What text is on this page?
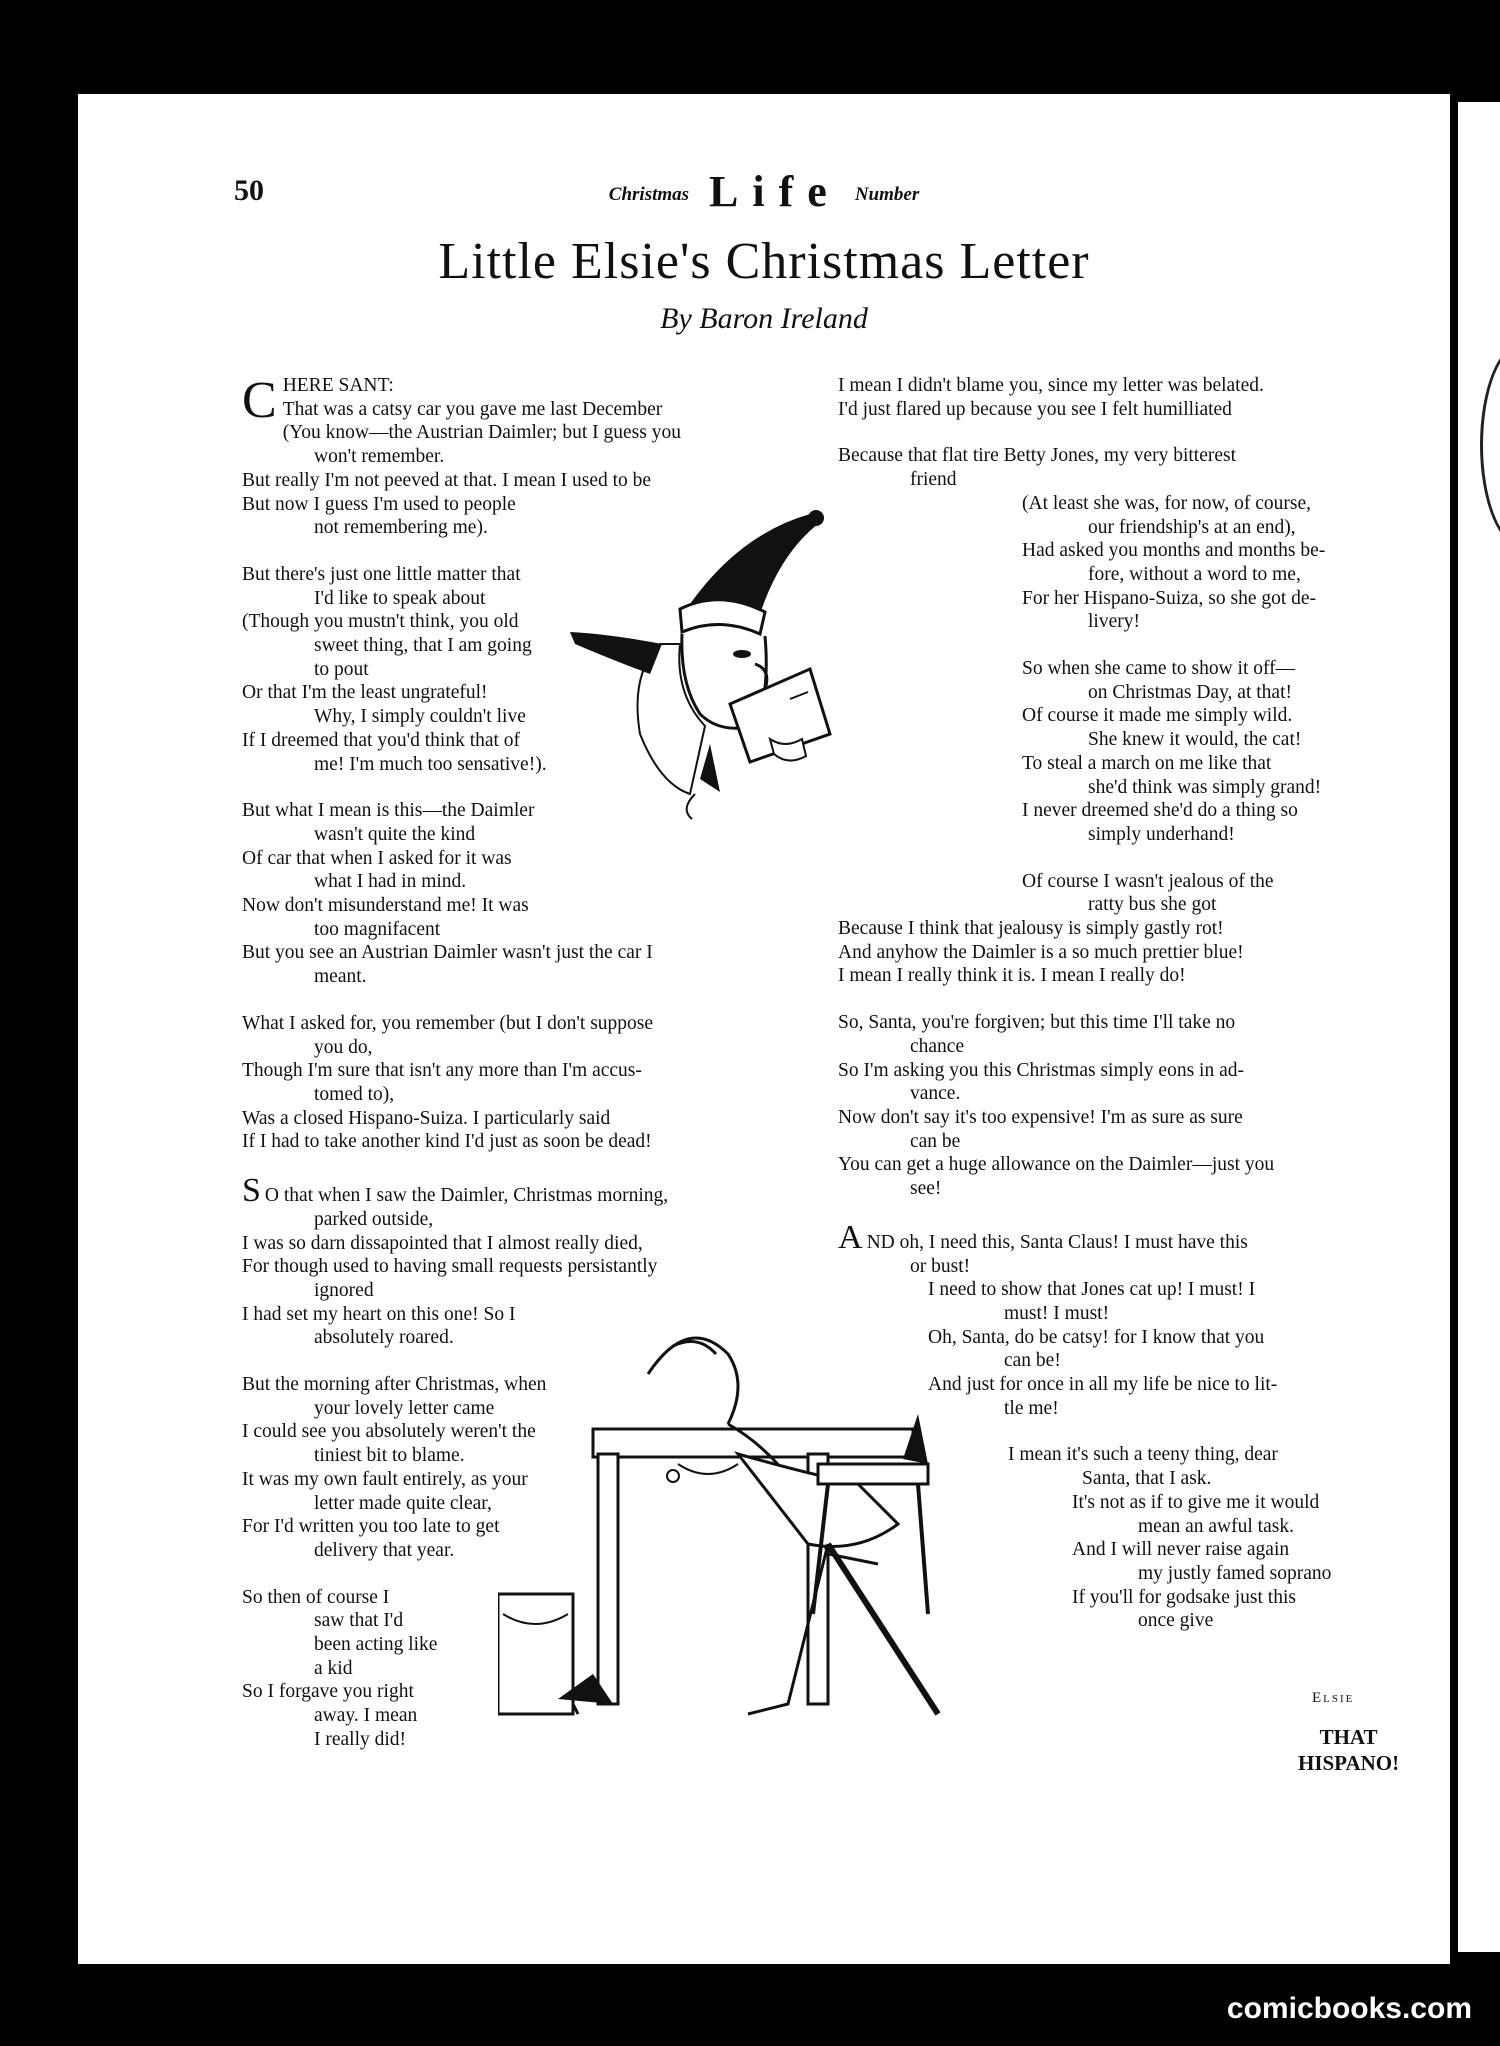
50	Christmas Life Number
Little Elsie's Christmas Letter
By Baron Ireland
CHERE SANT:
That was a catsy car you gave me last December
(You know—the Austrian Daimler; but I guess you
won't remember.
But really I'm not peeved at that. I mean I used to be
But now I guess I'm used to people
not remembering me).
But there's just one little matter that
I'd like to speak about
(Though you mustn't think, you old
sweet thing, that I am going
to pout
Or that I'm the least ungrateful!
Why, I simply couldn't live
If I dreemed that you'd think that of
me! I'm much too sensative!).
But what I mean is this—the Daimler
wasn't quite the kind
Of car that when I asked for it was
what I had in mind.
Now don't misunderstand me! It was
too magnifacent
But you see an Austrian Daimler wasn't just the car I
meant.
What I asked for, you remember (but I don't suppose
you do,
Though I'm sure that isn't any more than I'm accus-
tomed to),
Was a closed Hispano-Suiza. I particularly said
If I had to take another kind I'd just as soon be dead!
S O that when I saw the Daimler, Christmas morning,
parked outside,
I was so darn dissapointed that I almost really died,
For though used to having small requests persistantly
ignored
I had set my heart on this one! So I
absolutely roared.
But the morning after Christmas, when
your lovely letter came
I could see you absolutely weren't the
tiniest bit to blame.
It was my own fault entirely, as your
letter made quite clear,
For I'd written you too late to get
delivery that year.
So then of course I
saw that I'd
been acting like
a kid
So I forgave you right
away. I mean
I really did!
I mean I didn't blame you, since my letter was belated.
I'd just flared up because you see I felt humilliated
Because that flat tire Betty Jones, my very bitterest
friend
(At least she was, for now, of course,
our friendship's at an end),
Had asked you months and months be-
fore, without a word to me,
For her Hispano-Suiza, so she got de-
livery!
So when she came to show it off—
on Christmas Day, at that!
Of course it made me simply wild.
She knew it would, the cat!
To steal a march on me like that
she'd think was simply grand!
I never dreemed she'd do a thing so
simply underhand!
Of course I wasn't jealous of the
ratty bus she got
Because I think that jealousy is simply gastly rot!
And anyhow the Daimler is a so much prettier blue!
I mean I really think it is. I mean I really do!
So, Santa, you're forgiven; but this time I'll take no
chance
So I'm asking you this Christmas simply eons in ad-
vance.
Now don't say it's too expensive! I'm as sure as sure
can be
You can get a huge allowance on the Daimler—just you
see!
AND oh, I need this, Santa Claus! I must have this
or bust!
I need to show that Jones cat up! I must! I
must! I must!
Oh, Santa, do be catsy! for I know that you
can be!
And just for once in all my life be nice to lit-
tle me!
I mean it's such a teeny thing, dear
Santa, that I ask.
It's not as if to give me it would
mean an awful task.
And I will never raise again
my justly famed soprano
If you'll for godsake just this
once give
Elsie
THAT
HISPANO!
comicbooks.com
